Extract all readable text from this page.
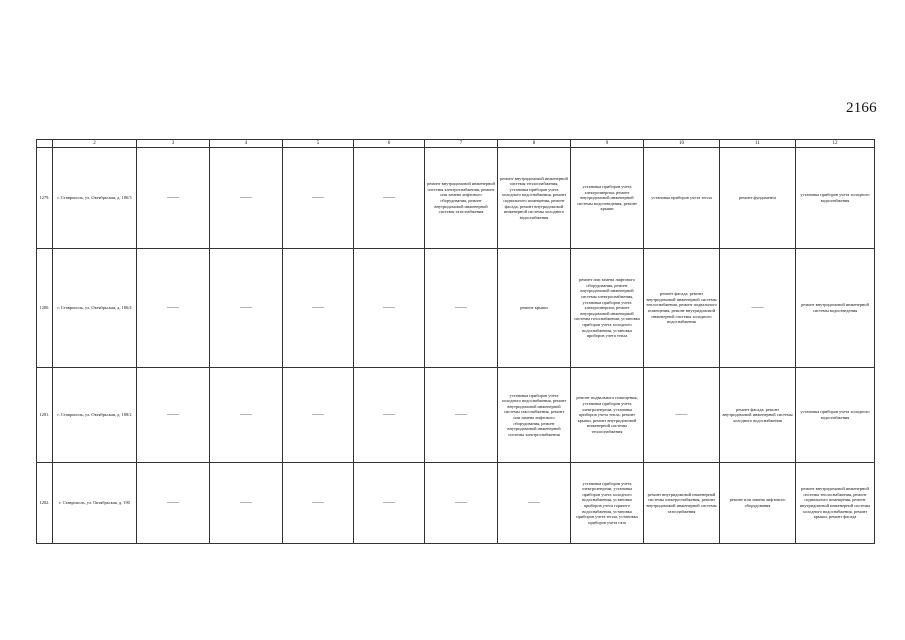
2166
	2	3	4	5	6	7	8	9	10	11	12
1279.	г. Ставрополь, ул. Октябрьская, д. 186/3	——	——	——	——	ремонт внутридомовой инженерной системы электроснабжения, ремонт или замена лифтового оборудования, ремонт внутридомовой инженерной системы газоснабжения	ремонт внутридомовой инженерной системы теплоснабжения, установка приборов учета холодного водоснабжения, ремонт подвального помещения, ремонт фасада, ремонт внутридомовой инженерной системы холодного водоснабжения	установка приборов учета электроэнергии, ремонт внутридомовой инженерной системы водоотведения, ремонт крыши	установка приборов учета тепла	ремонт фундамента	установка приборов учета холодного водоснабжения
1280.	г. Ставрополь, ул. Октябрьская, д. 186/4	——	——	——	——	——	ремонт крыши	ремонт или замена лифтового оборудования, ремонт внутридомовой инженерной системы электроснабжения, установка приборов учета электроэнергии, ремонт внутридомовой инженерной системы газоснабжения, установка приборов учета холодного водоснабжения, установка приборов учета тепла	ремонт фасада, ремонт внутридомовой инженерной системы теплоснабжения, ремонт подвального помещения, ремонт внутридомовой инженерной системы холодного водоснабжения	——	ремонт внутридомовой инженерной системы водоотведения
1281.	г. Ставрополь, ул. Октябрьская, д. 188/2	——	——	——	——	——	установка приборов учета холодного водоснабжения, ремонт внутридомовой инженерной системы газоснабжения, ремонт или замена лифтового оборудования, ремонт внутридомовой инженерной системы электроснабжения	ремонт подвального помещения, установка приборов учета электроэнергии, установка приборов учета тепла, ремонт крыши, ремонт внутридомовой инженерной системы теплоснабжения	——	ремонт фасада, ремонт внутридомовой инженерной системы холодного водоснабжения	установка приборов учета холодного водоснабжения
1282.	г. Ставрополь, ул. Октябрьская, д. 190	——	——	——	——	——	——	установка приборов учета электроэнергии, установка приборов учета холодного водоснабжения, установка приборов учета горячего водоснабжения, установка приборов учета тепла, установка приборов учета газа	ремонт внутридомовой инженерной системы электроснабжения, ремонт внутридомовой инженерной системы газоснабжения	ремонт или замена лифтового оборудования	ремонт внутридомовой инженерной системы теплоснабжения, ремонт подвального помещения, ремонт внутридомовой инженерной системы холодного водоснабжения, ремонт крыши, ремонт фасада
